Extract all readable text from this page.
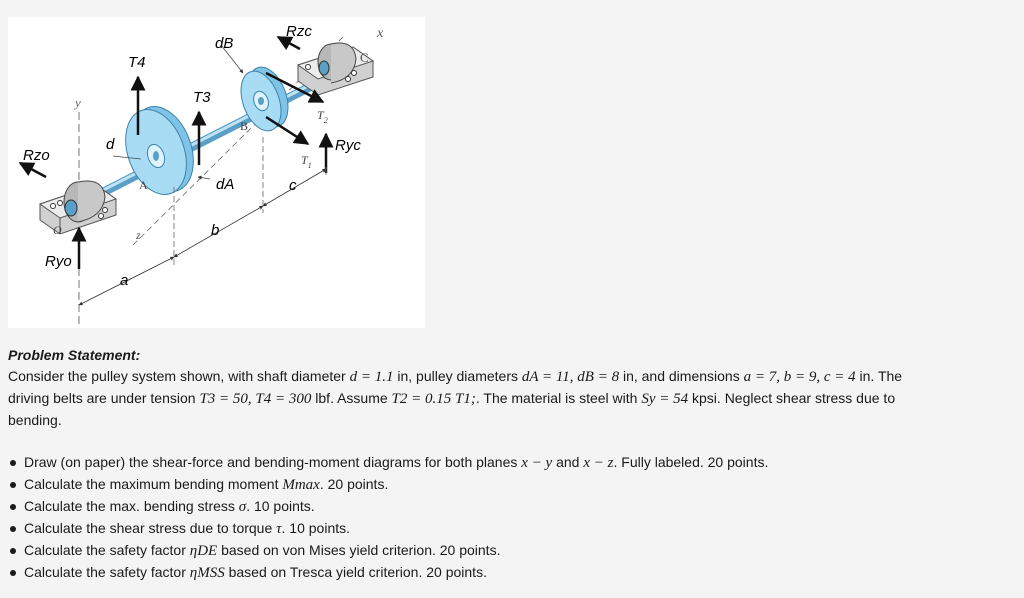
Rzc	x
dB
C
T4
T3
y
B
$T_2$
Ryc
Rzo
d
$T_1$
A	dA	c
O	z	b
Ryo
a

Problem Statement:

Consider the pulley system shown, with shaft diameter d = 1.1 in, pulley diameters dA = 11, dB = 8 in, and dimensions a = 7, b = 9, c = 4 in. The
driving belts are under tension T3 = 50, T4 = 300 lbf. Assume T2 = 0.15 T1;. The material is steel with Sy = 54 kpsi. Neglect shear stress due to
bending.

Draw (on paper) the shear-force and bending-moment diagrams for both planes x − y and x − z. Fully labeled. 20 points.
Calculate the maximum bending moment Mmax. 20 points.
Calculate the max. bending stress σ. 10 points.
Calculate the shear stress due to torque τ. 10 points.
Calculate the safety factor ηDE based on von Mises yield criterion. 20 points.
Calculate the safety factor ηMSS based on Tresca yield criterion. 20 points.
